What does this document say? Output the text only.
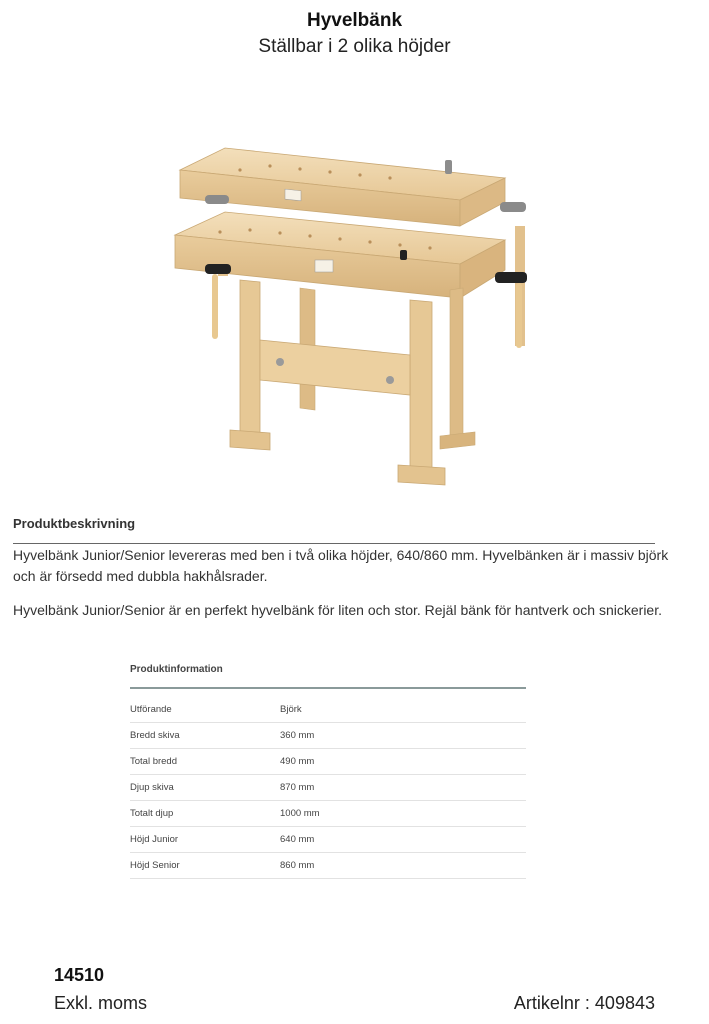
Hyvelbänk
Ställbar i 2 olika höjder
Produktbeskrivning
Hyvelbänk Junior/Senior levereras med ben i två olika höjder, 640/860 mm. Hyvelbänken är i massiv björk och är försedd med dubbla hakhålsrader.
Hyvelbänk Junior/Senior är en perfekt hyvelbänk för liten och stor. Rejäl bänk för hantverk och snickerier.
Produktinformation
Utförande	Björk
Bredd skiva	360 mm
Total bredd	490 mm
Djup skiva	870 mm
Totalt djup	1000 mm
Höjd Junior	640 mm
Höjd Senior	860 mm
14510
Exkl. moms	Artikelnr : 409843
